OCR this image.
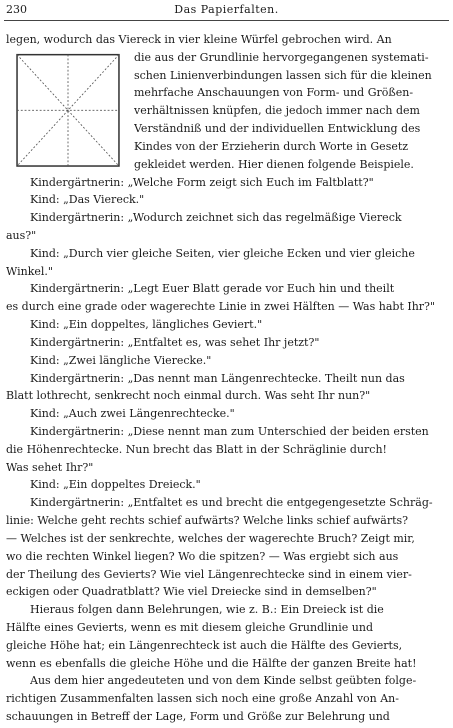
230	Das Papierfalten.
legen, wodurch das Viereck in vier kleine Würfel gebrochen wird. An
die aus der Grundlinie hervorgegangenen systemati-
schen Linienverbindungen lassen sich für die kleinen
mehrfache Anschauungen von Form- und Größen-
verhältnissen knüpfen, die jedoch immer nach dem
Verständniß und der individuellen Entwicklung des
Kindes von der Erzieherin durch Worte in Gesetz
gekleidet werden. Hier dienen folgende Beispiele.
Kindergärtnerin: „Welche Form zeigt sich Euch im Faltblatt?"
Kind: „Das Viereck."
Kindergärtnerin: „Wodurch zeichnet sich das regelmäßige Viereck
aus?"
Kind: „Durch vier gleiche Seiten, vier gleiche Ecken und vier gleiche
Winkel."
Kindergärtnerin: „Legt Euer Blatt gerade vor Euch hin und theilt
es durch eine grade oder wagerechte Linie in zwei Hälften — Was habt Ihr?"
Kind: „Ein doppeltes, längliches Geviert."
Kindergärtnerin: „Entfaltet es, was sehet Ihr jetzt?"
Kind: „Zwei längliche Vierecke."
Kindergärtnerin: „Das nennt man Längenrechtecke. Theilt nun das
Blatt lothrecht, senkrecht noch einmal durch. Was seht Ihr nun?"
Kind: „Auch zwei Längenrechtecke."
Kindergärtnerin: „Diese nennt man zum Unterschied der beiden ersten
die Höhenrechtecke. Nun brecht das Blatt in der Schräglinie durch!
Was sehet Ihr?"
Kind: „Ein doppeltes Dreieck."
Kindergärtnerin: „Entfaltet es und brecht die entgegengesetzte Schräg-
linie: Welche geht rechts schief aufwärts? Welche links schief aufwärts?
— Welches ist der senkrechte, welches der wagerechte Bruch? Zeigt mir,
wo die rechten Winkel liegen? Wo die spitzen? — Was ergiebt sich aus
der Theilung des Gevierts? Wie viel Längenrechtecke sind in einem vier-
eckigen oder Quadratblatt? Wie viel Dreiecke sind in demselben?"
Hieraus folgen dann Belehrungen, wie z. B.: Ein Dreieck ist die
Hälfte eines Gevierts, wenn es mit diesem gleiche Grundlinie und
gleiche Höhe hat; ein Längenrechteck ist auch die Hälfte des Gevierts,
wenn es ebenfalls die gleiche Höhe und die Hälfte der ganzen Breite hat!
Aus dem hier angedeuteten und von dem Kinde selbst geübten folge-
richtigen Zusammenfalten lassen sich noch eine große Anzahl von An-
schauungen in Betreff der Lage, Form und Größe zur Belehrung und
